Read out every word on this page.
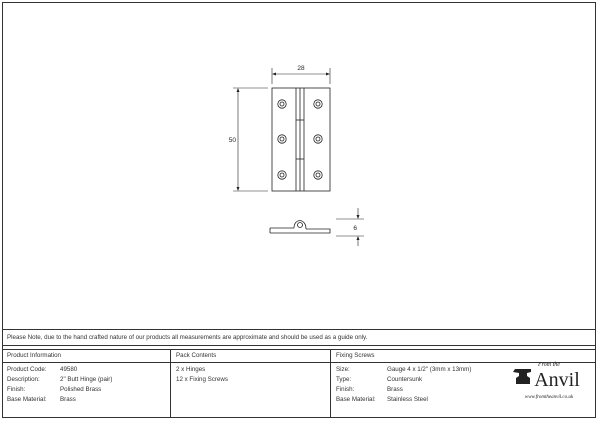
28
50
6
Please Note, due to the hand crafted nature of our products all measurements are approximate and should be used as a guide only.
Product Information
Product Code: 49580
Description:	2" Butt Hinge (pair)
Finish:	Polished Brass
Base Material: Brass
Pack Contents
2 x Hinges
12 x Fixing Screws
Fixing Screws
Size:	Gauge 4 x 1/2" (3mm x 13mm)
Type:	Countersunk
Finish:	Brass
Base Material: Stainless Steel
From the
Anvil
www.fromtheanvil.co.uk
